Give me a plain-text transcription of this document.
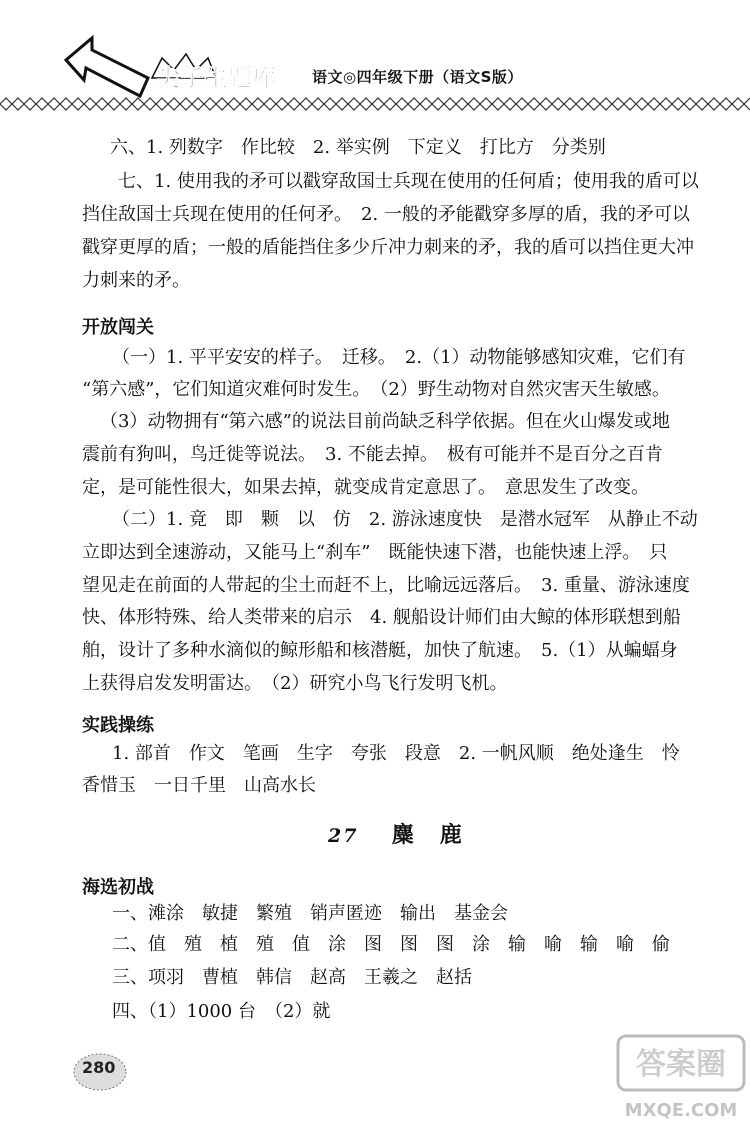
尖子生题库 语文◎四年级下册（语文S版）
六、1. 列数字　作比较　2. 举实例　下定义　打比方　分类别
　　七、1. 使用我的矛可以戳穿敌国士兵现在使用的任何盾；使用我的盾可以
挡住敌国士兵现在使用的任何矛。　2. 一般的矛能戳穿多厚的盾，我的矛可以
戳穿更厚的盾；一般的盾能挡住多少斤冲力刺来的矛，我的盾可以挡住更大冲
力刺来的矛。
开放闯关
（一）1. 平平安安的样子。　迁移。　2.（1）动物能够感知灾难，它们有
“第六感”，它们知道灾难何时发生。　（2）野生动物对自然灾害天生敏感。
（3）动物拥有“第六感”的说法目前尚缺乏科学依据。但在火山爆发或地
震前有狗叫，鸟迁徙等说法。　3. 不能去掉。　极有可能并不是百分之百肯
定，是可能性很大，如果去掉，就变成肯定意思了。　意思发生了改变。
（二）1. 竟　即　颗　以　仿　2. 游泳速度快　是潜水冠军　从静止不动
立即达到全速游动，又能马上“刹车”　既能快速下潜，也能快速上浮。　只
望见走在前面的人带起的尘土而赶不上，比喻远远落后。　3. 重量、游泳速度
快、体形特殊、给人类带来的启示　4. 舰船设计师们由大鲸的体形联想到船
舶，设计了多种水滴似的鲸形船和核潜艇，加快了航速。　5.（1）从蝙蝠身
上获得启发发明雷达。　（2）研究小鸟飞行发明飞机。
实践操练
1. 部首　作文　笔画　生字　夸张　段意　2. 一帆风顺　绝处逢生　怜
香惜玉　一日千里　山高水长
27 麋　鹿
海选初战
一、滩涂　敏捷　繁殖　销声匿迹　输出　基金会
二、值　殖　植　殖　值　涂　图　图　图　涂　输　喻　输　喻　偷
三、项羽　曹植　韩信　赵高　王羲之　赵括
四、（1）1000 台　（2）就
280	答案圈
MXQE.COM
